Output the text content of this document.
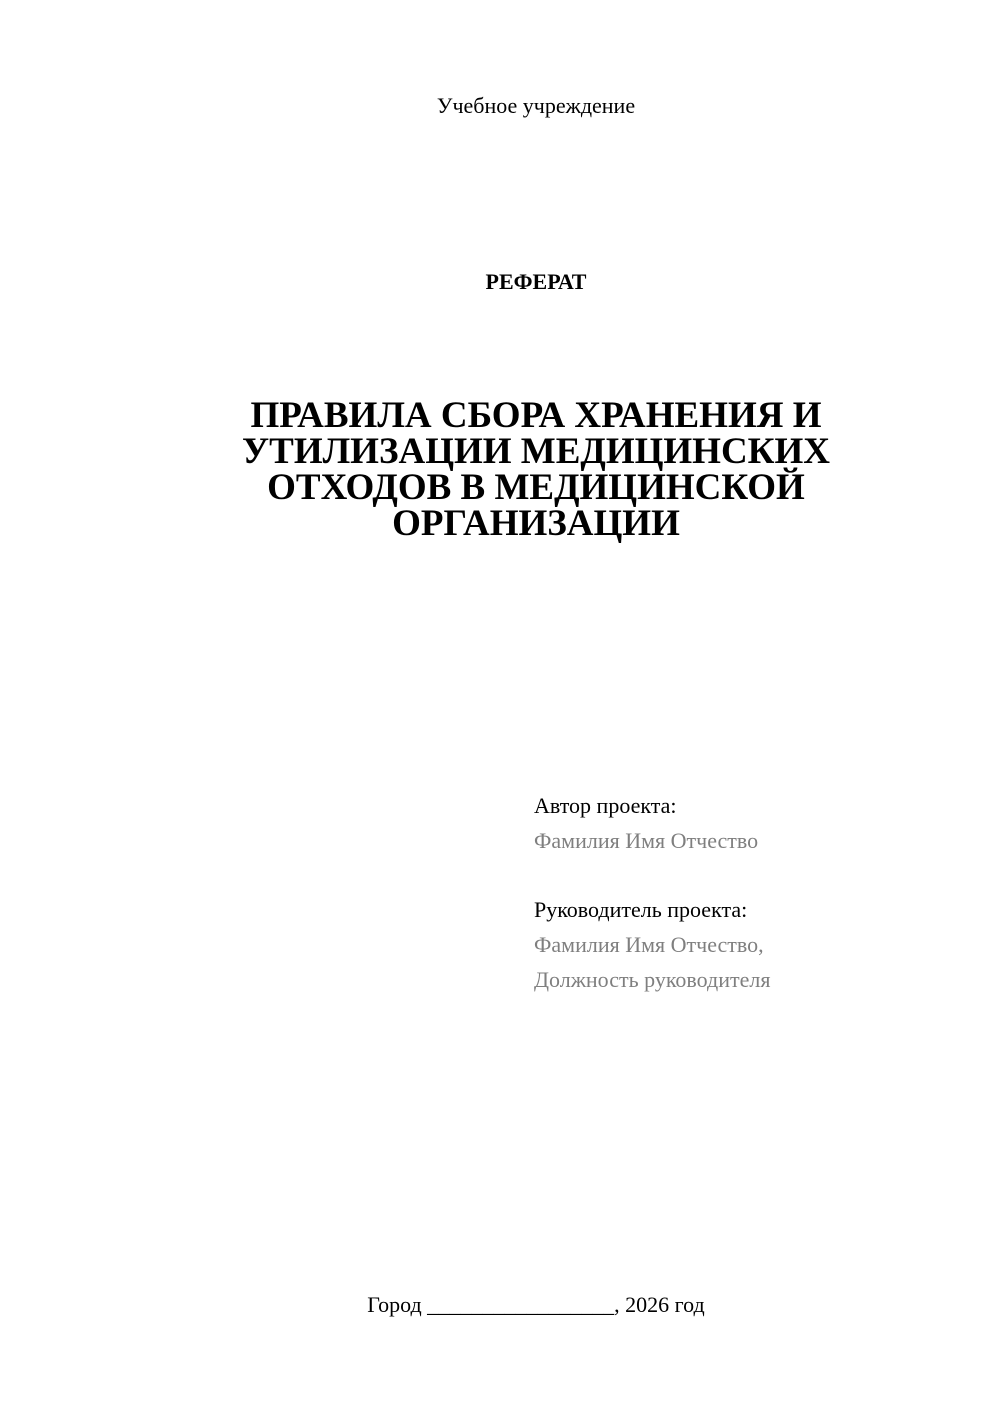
Учебное учреждение
РЕФЕРАТ
ПРАВИЛА СБОРА ХРАНЕНИЯ И
УТИЛИЗАЦИИ МЕДИЦИНСКИХ
ОТХОДОВ В МЕДИЦИНСКОЙ
ОРГАНИЗАЦИИ
Автор проекта:
Фамилия Имя Отчество
Руководитель проекта:
Фамилия Имя Отчество,
Должность руководителя
Город _________________, 2026 год
